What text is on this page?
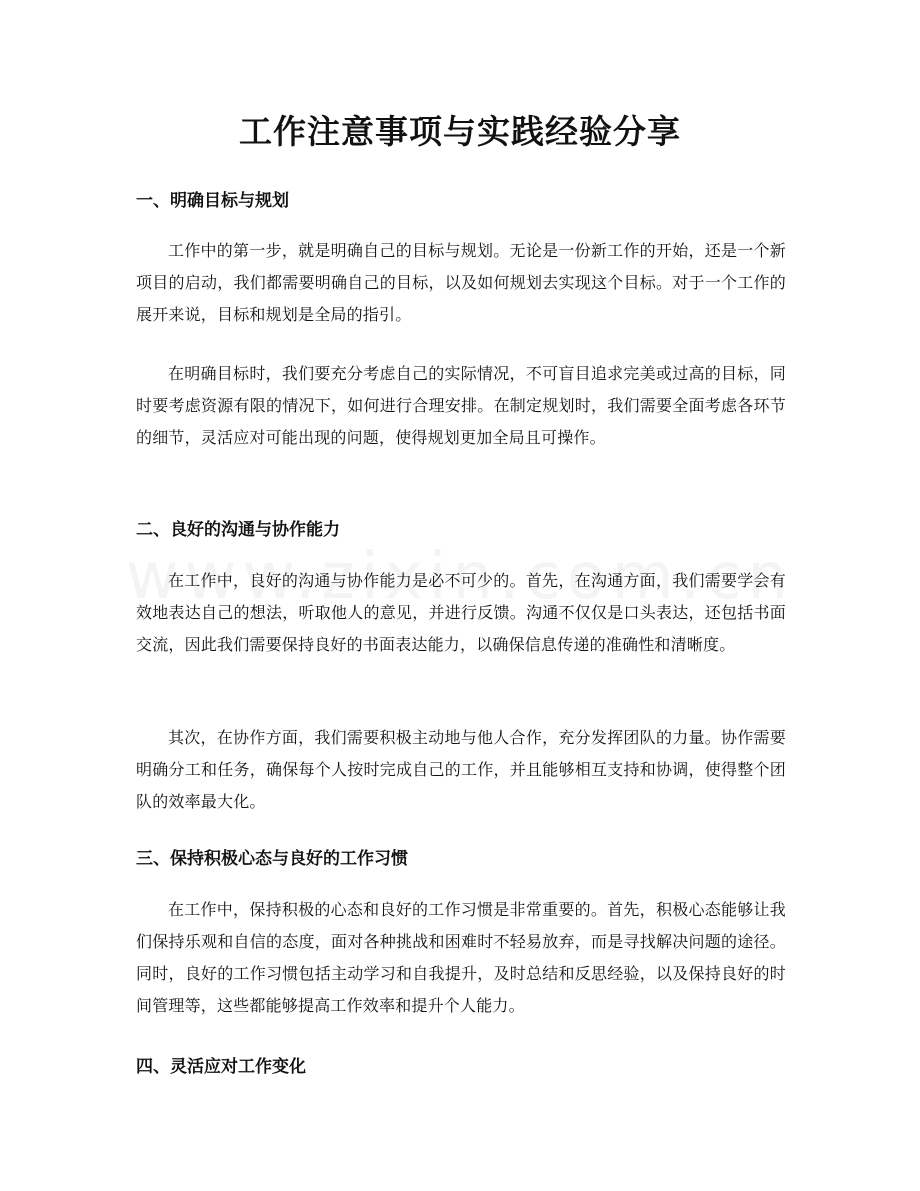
工作注意事项与实践经验分享
一、明确目标与规划

工作中的第一步，就是明确自己的目标与规划。无论是一份新工作的开始，还是一个新项目的启动，我们都需要明确自己的目标，以及如何规划去实现这个目标。对于一个工作的展开来说，目标和规划是全局的指引。

在明确目标时，我们要充分考虑自己的实际情况，不可盲目追求完美或过高的目标，同时要考虑资源有限的情况下，如何进行合理安排。在制定规划时，我们需要全面考虑各环节的细节，灵活应对可能出现的问题，使得规划更加全局且可操作。

二、良好的沟通与协作能力

在工作中，良好的沟通与协作能力是必不可少的。首先，在沟通方面，我们需要学会有效地表达自己的想法，听取他人的意见，并进行反馈。沟通不仅仅是口头表达，还包括书面交流，因此我们需要保持良好的书面表达能力，以确保信息传递的准确性和清晰度。

其次，在协作方面，我们需要积极主动地与他人合作，充分发挥团队的力量。协作需要明确分工和任务，确保每个人按时完成自己的工作，并且能够相互支持和协调，使得整个团队的效率最大化。

三、保持积极心态与良好的工作习惯

在工作中，保持积极的心态和良好的工作习惯是非常重要的。首先，积极心态能够让我们保持乐观和自信的态度，面对各种挑战和困难时不轻易放弃，而是寻找解决问题的途径。同时，良好的工作习惯包括主动学习和自我提升，及时总结和反思经验，以及保持良好的时间管理等，这些都能够提高工作效率和提升个人能力。

四、灵活应对工作变化
